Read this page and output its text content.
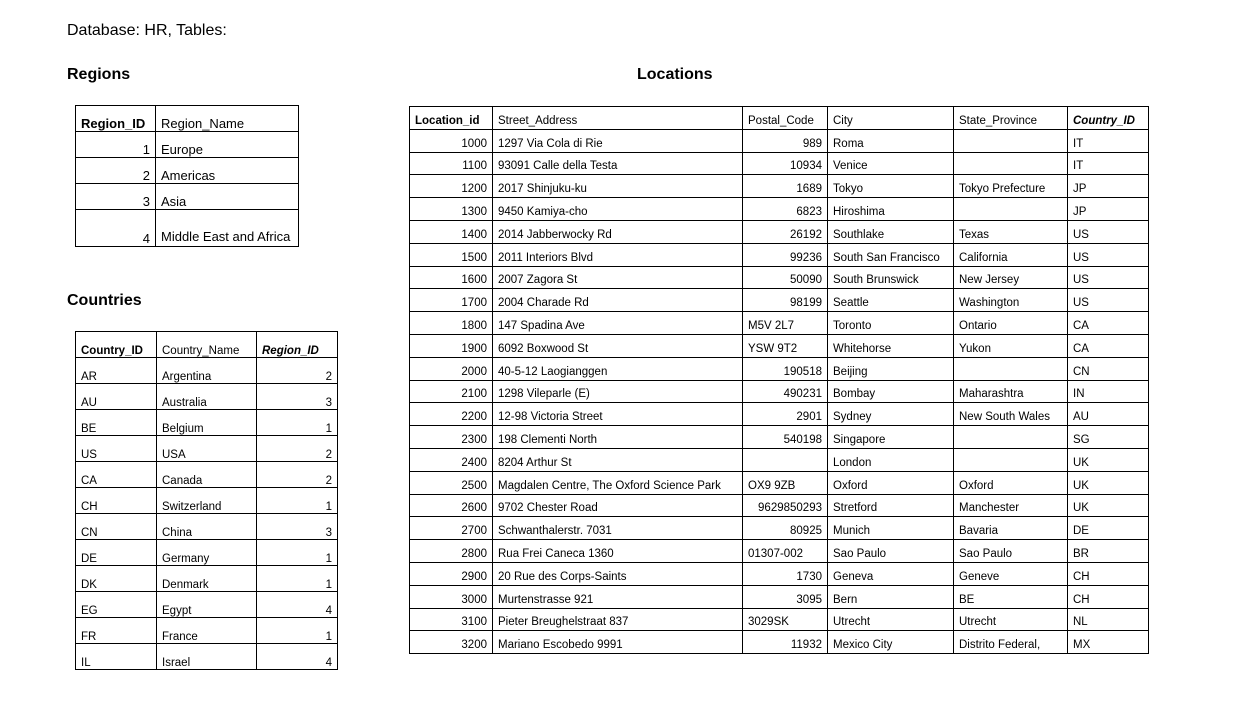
Database: HR, Tables:
Regions
Region_ID	Region_Name
1	Europe
2	Americas
3	Asia
4	Middle East and Africa
Countries
Country_ID	Country_Name	Region_ID
AR	Argentina	2
AU	Australia	3
BE	Belgium	1
US	USA	2
CA	Canada	2
CH	Switzerland	1
CN	China	3
DE	Germany	1
DK	Denmark	1
EG	Egypt	4
FR	France	1
IL	Israel	4
Locations
Location_id	Street_Address	Postal_Code	City	State_Province	Country_ID
1000	1297 Via Cola di Rie	989	Roma		IT
1100	93091 Calle della Testa	10934	Venice		IT
1200	2017 Shinjuku-ku	1689	Tokyo	Tokyo Prefecture	JP
1300	9450 Kamiya-cho	6823	Hiroshima		JP
1400	2014 Jabberwocky Rd	26192	Southlake	Texas	US
1500	2011 Interiors Blvd	99236	South San Francisco	California	US
1600	2007 Zagora St	50090	South Brunswick	New Jersey	US
1700	2004 Charade Rd	98199	Seattle	Washington	US
1800	147 Spadina Ave	M5V 2L7	Toronto	Ontario	CA
1900	6092 Boxwood St	YSW 9T2	Whitehorse	Yukon	CA
2000	40-5-12 Laogianggen	190518	Beijing		CN
2100	1298 Vileparle (E)	490231	Bombay	Maharashtra	IN
2200	12-98 Victoria Street	2901	Sydney	New South Wales	AU
2300	198 Clementi North	540198	Singapore		SG
2400	8204 Arthur St		London		UK
2500	Magdalen Centre, The Oxford Science Park	OX9 9ZB	Oxford	Oxford	UK
2600	9702 Chester Road	9629850293	Stretford	Manchester	UK
2700	Schwanthalerstr. 7031	80925	Munich	Bavaria	DE
2800	Rua Frei Caneca 1360	01307-002	Sao Paulo	Sao Paulo	BR
2900	20 Rue des Corps-Saints	1730	Geneva	Geneve	CH
3000	Murtenstrasse 921	3095	Bern	BE	CH
3100	Pieter Breughelstraat 837	3029SK	Utrecht	Utrecht	NL
3200	Mariano Escobedo 9991	11932	Mexico City	Distrito Federal,	MX
